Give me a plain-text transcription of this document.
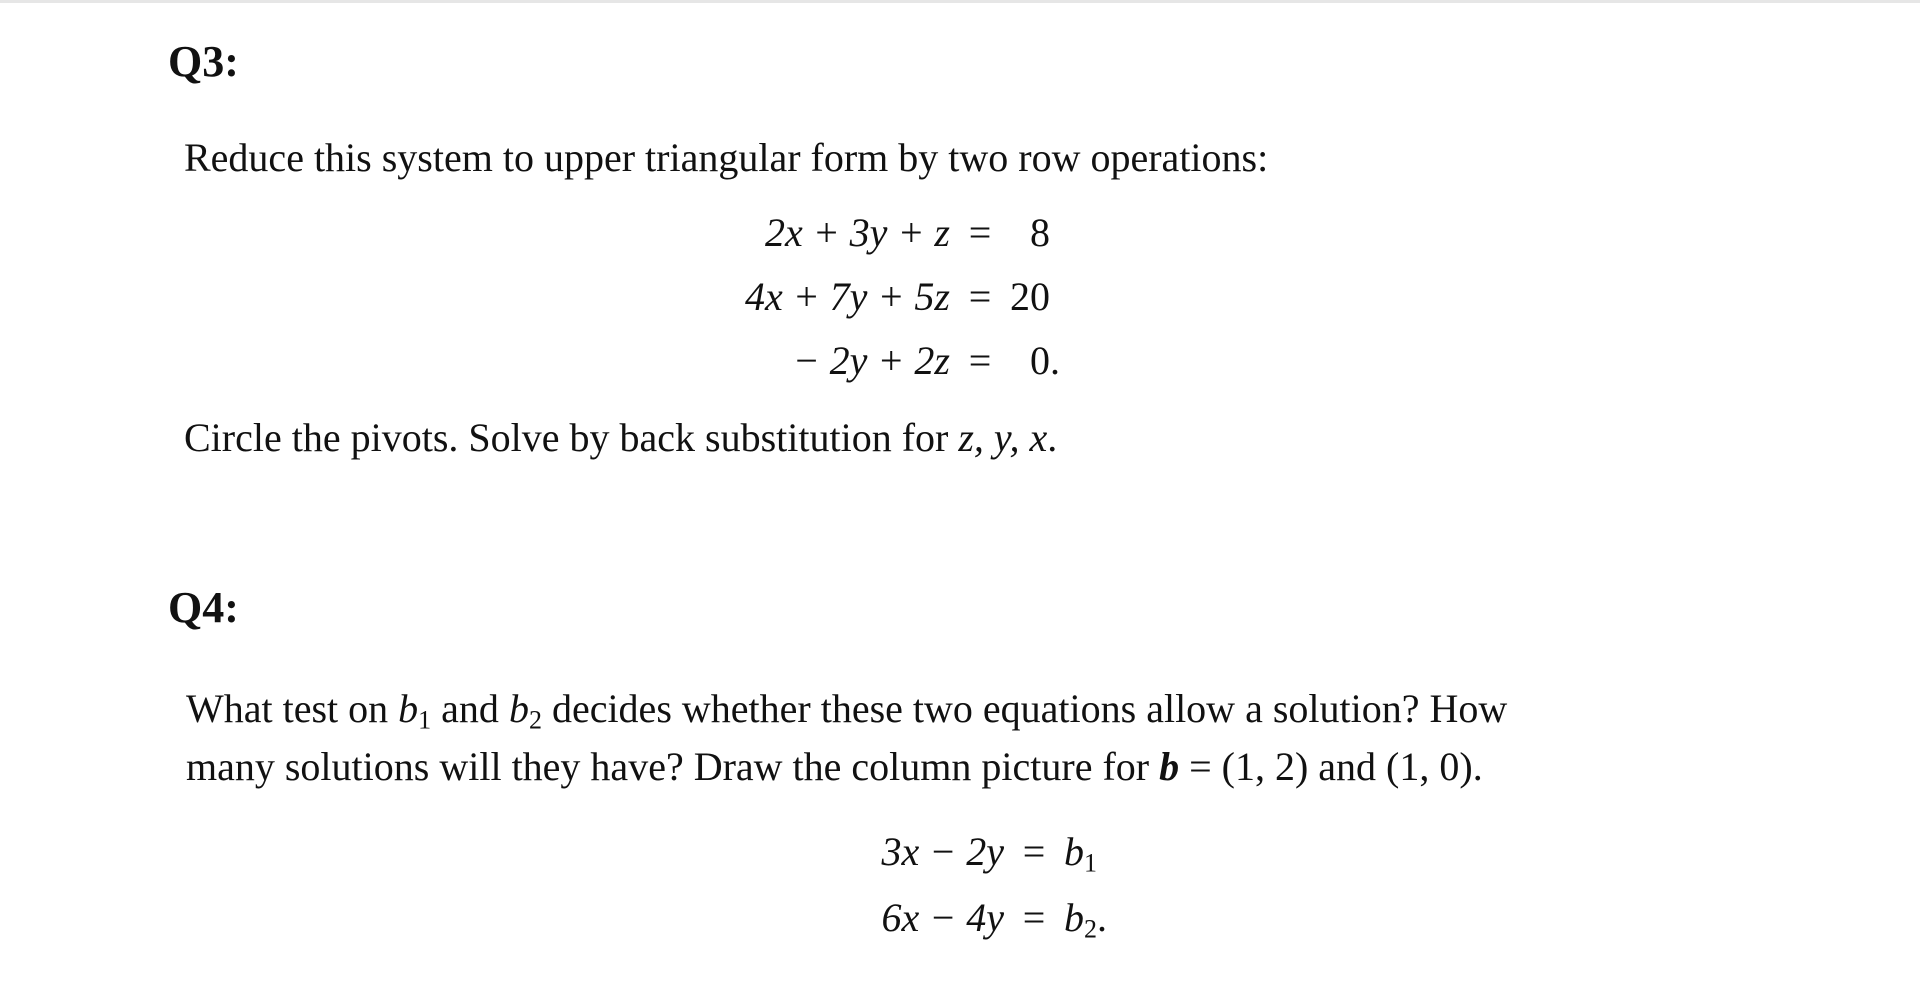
Q3:

Reduce this system to upper triangular form by two row operations:

2x + 3y + z = 8
4x + 7y + 5z = 20
− 2y + 2z = 0.

Circle the pivots. Solve by back substitution for z, y, x.

Q4:

What test on $b_1$ and $b_2$ decides whether these two equations allow a solution? How

many solutions will they have? Draw the column picture for b = (1, 2) and (1, 0).

$3x - 2y = b_1$
$6x - 4y = b_2$.
